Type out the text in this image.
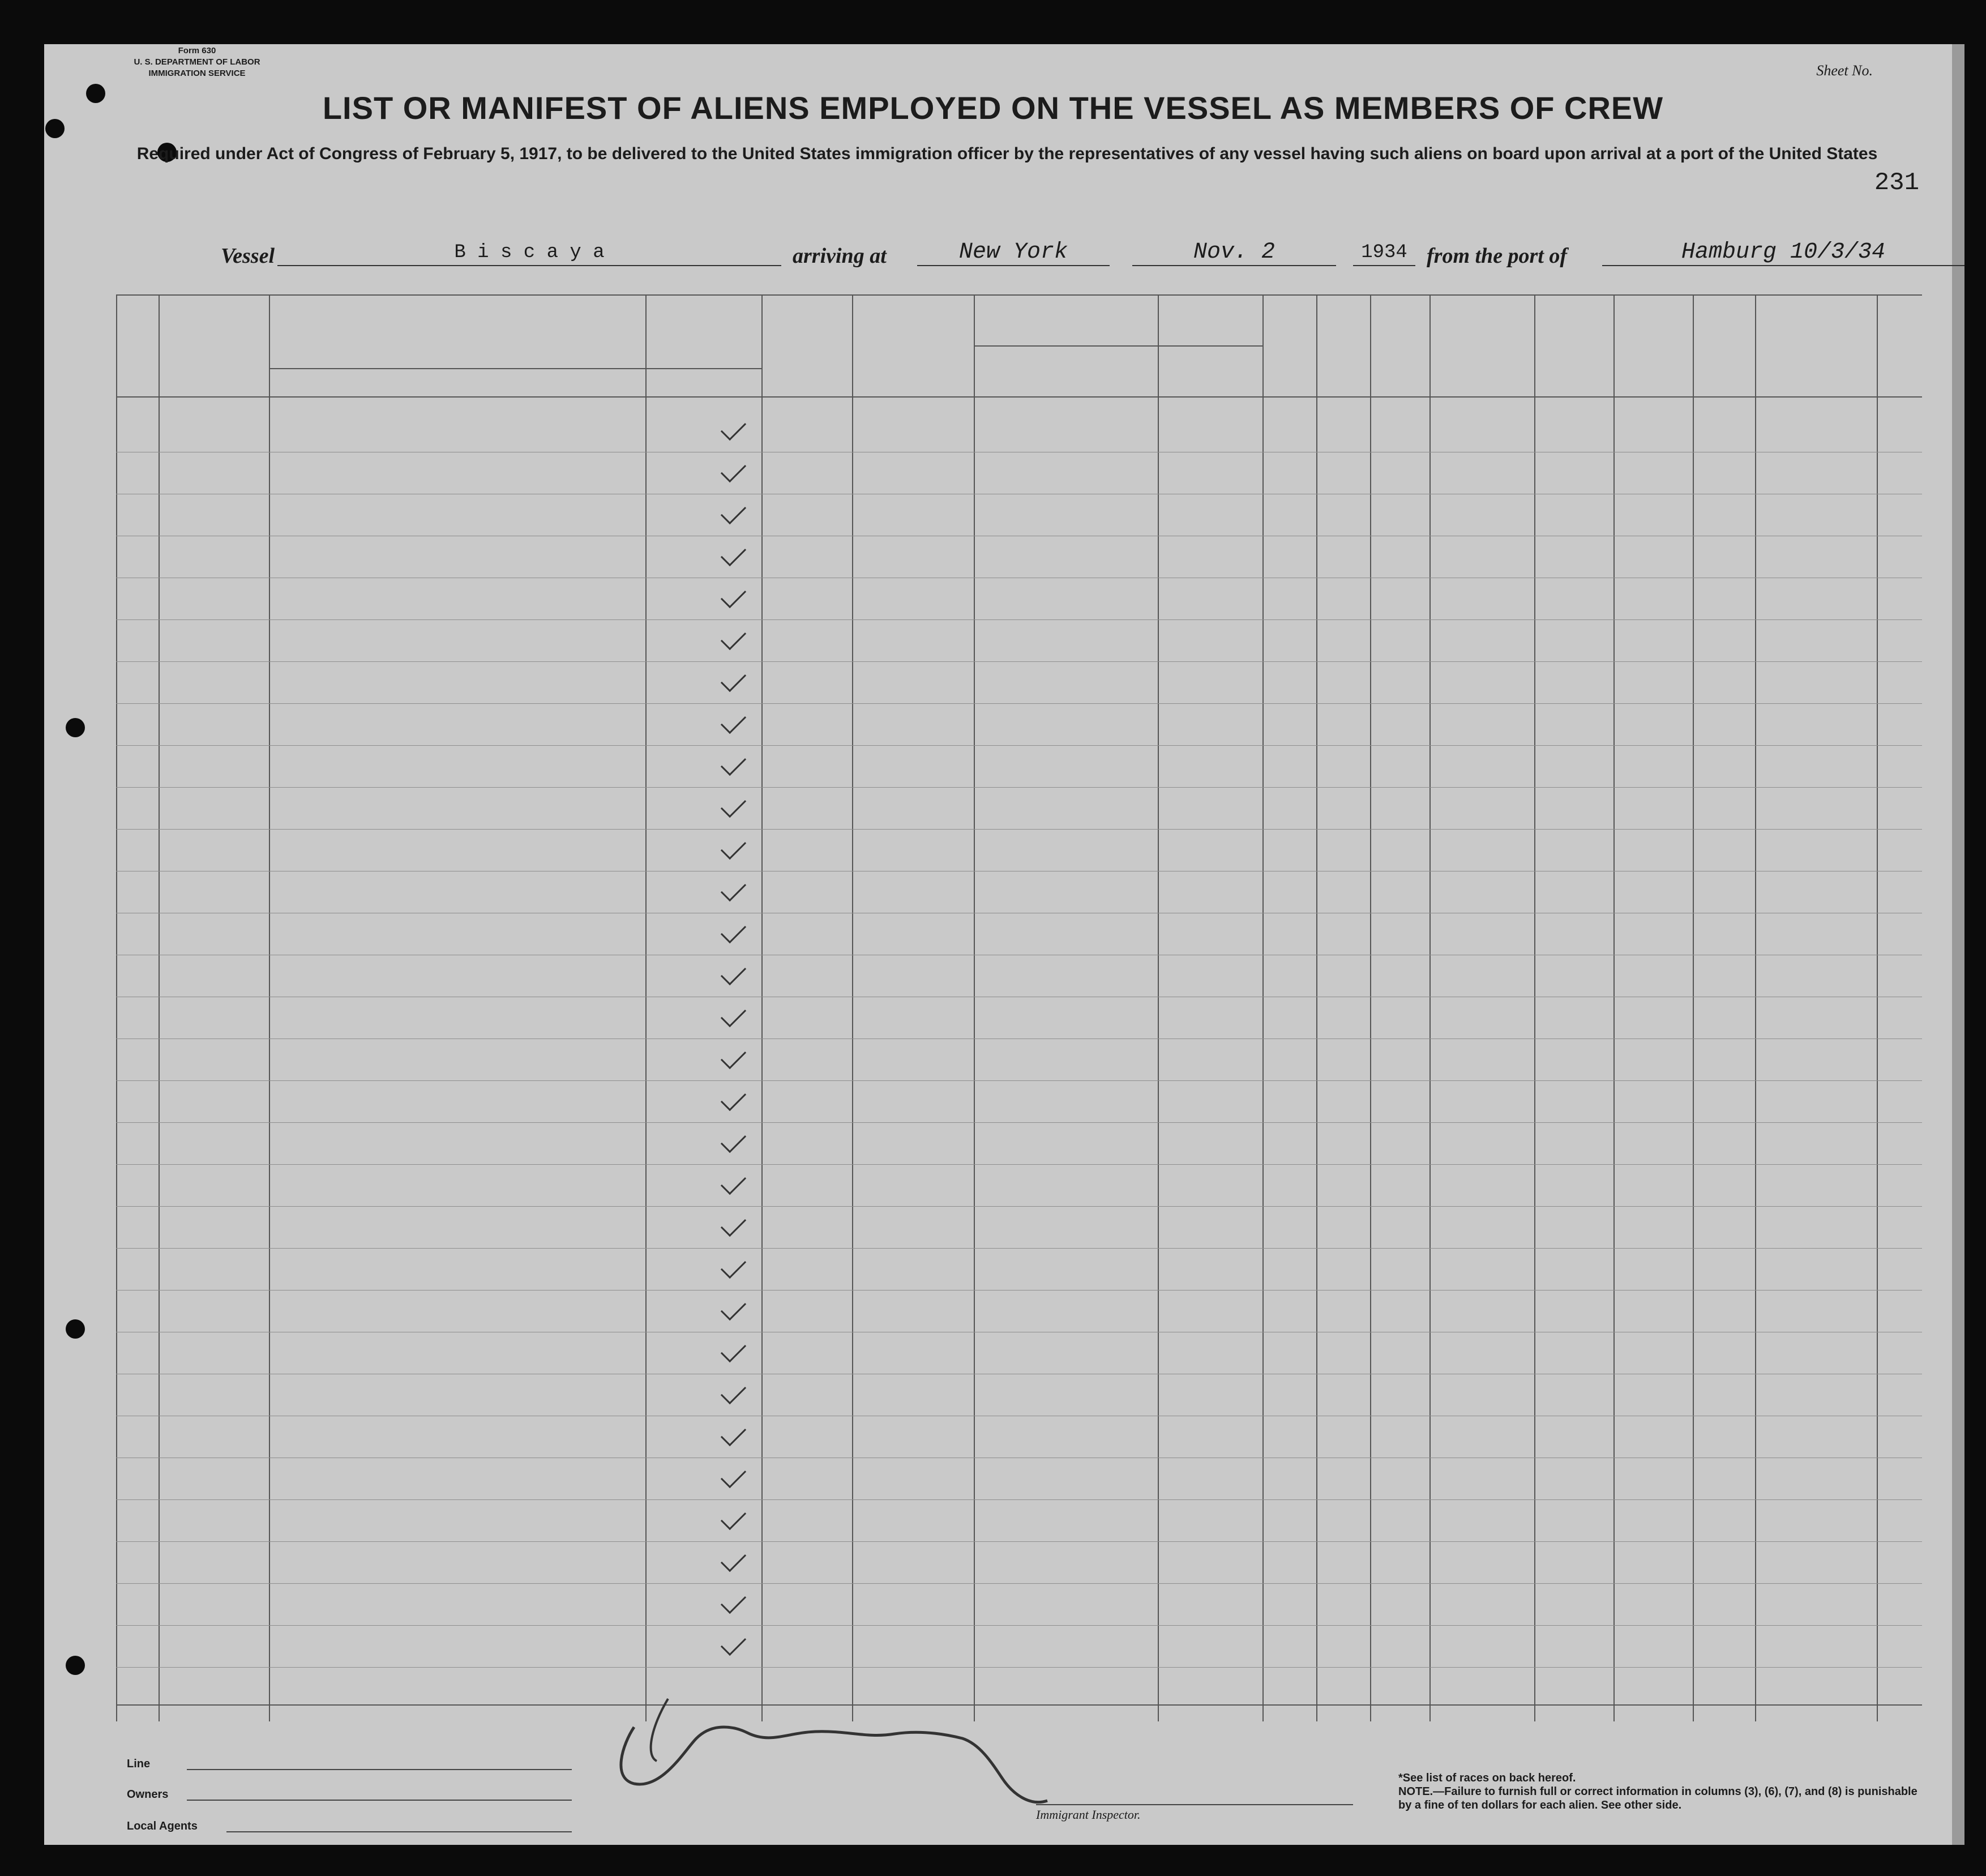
Form 630
U. S. DEPARTMENT OF LABOR
IMMIGRATION SERVICE	Sheet No.
LIST OR MANIFEST OF ALIENS EMPLOYED ON THE VESSEL AS MEMBERS OF CREW
Required under Act of Congress of February 5, 1917, to be delivered to the United States immigration officer by the representatives of any vessel having such aliens on board upon arrival at a port of the United States
231
Vessel	B i s c a y a	arriving at	New York	Nov. 2	1934 from the port of	Hamburg 10/3/34
Line
Owners
Local Agents
Immigrant Inspector.
*See list of races on back hereof.
NOTE.—Failure to furnish full or correct information in columns (3), (6), (7), and (8) is punishable by a fine of ten dollars for each alien. See other side.
